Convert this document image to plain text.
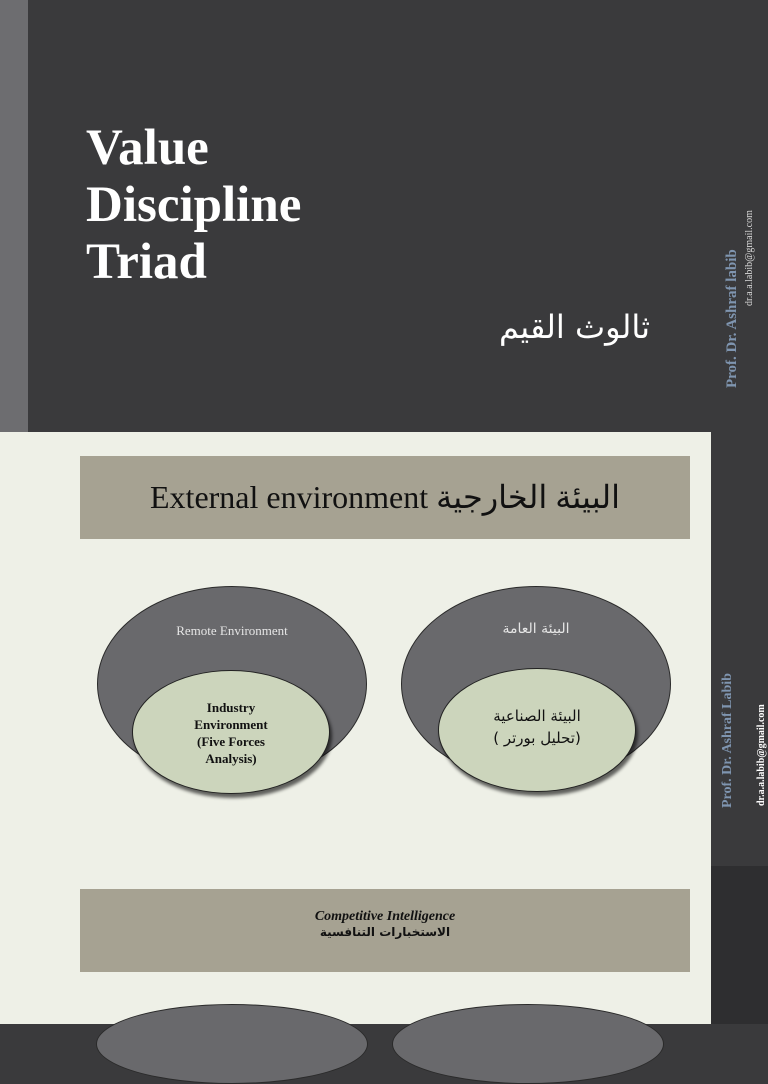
Value
Discipline
Triad
ثالوث القيم	Prof. Dr. Ashraf labib dr.a.a.labib@gmail.com
External environment البيئة الخارجية
Remote Environment
Industry
Environment
(Five Forces
Analysis)
البيئة العامة
البيئة الصناعية
( تحليل بورتر)
Competitive Intelligence
الاستخبارات التنافسية
Prof. Dr. Ashraf Labib dr.a.a.labib@gmail.com
